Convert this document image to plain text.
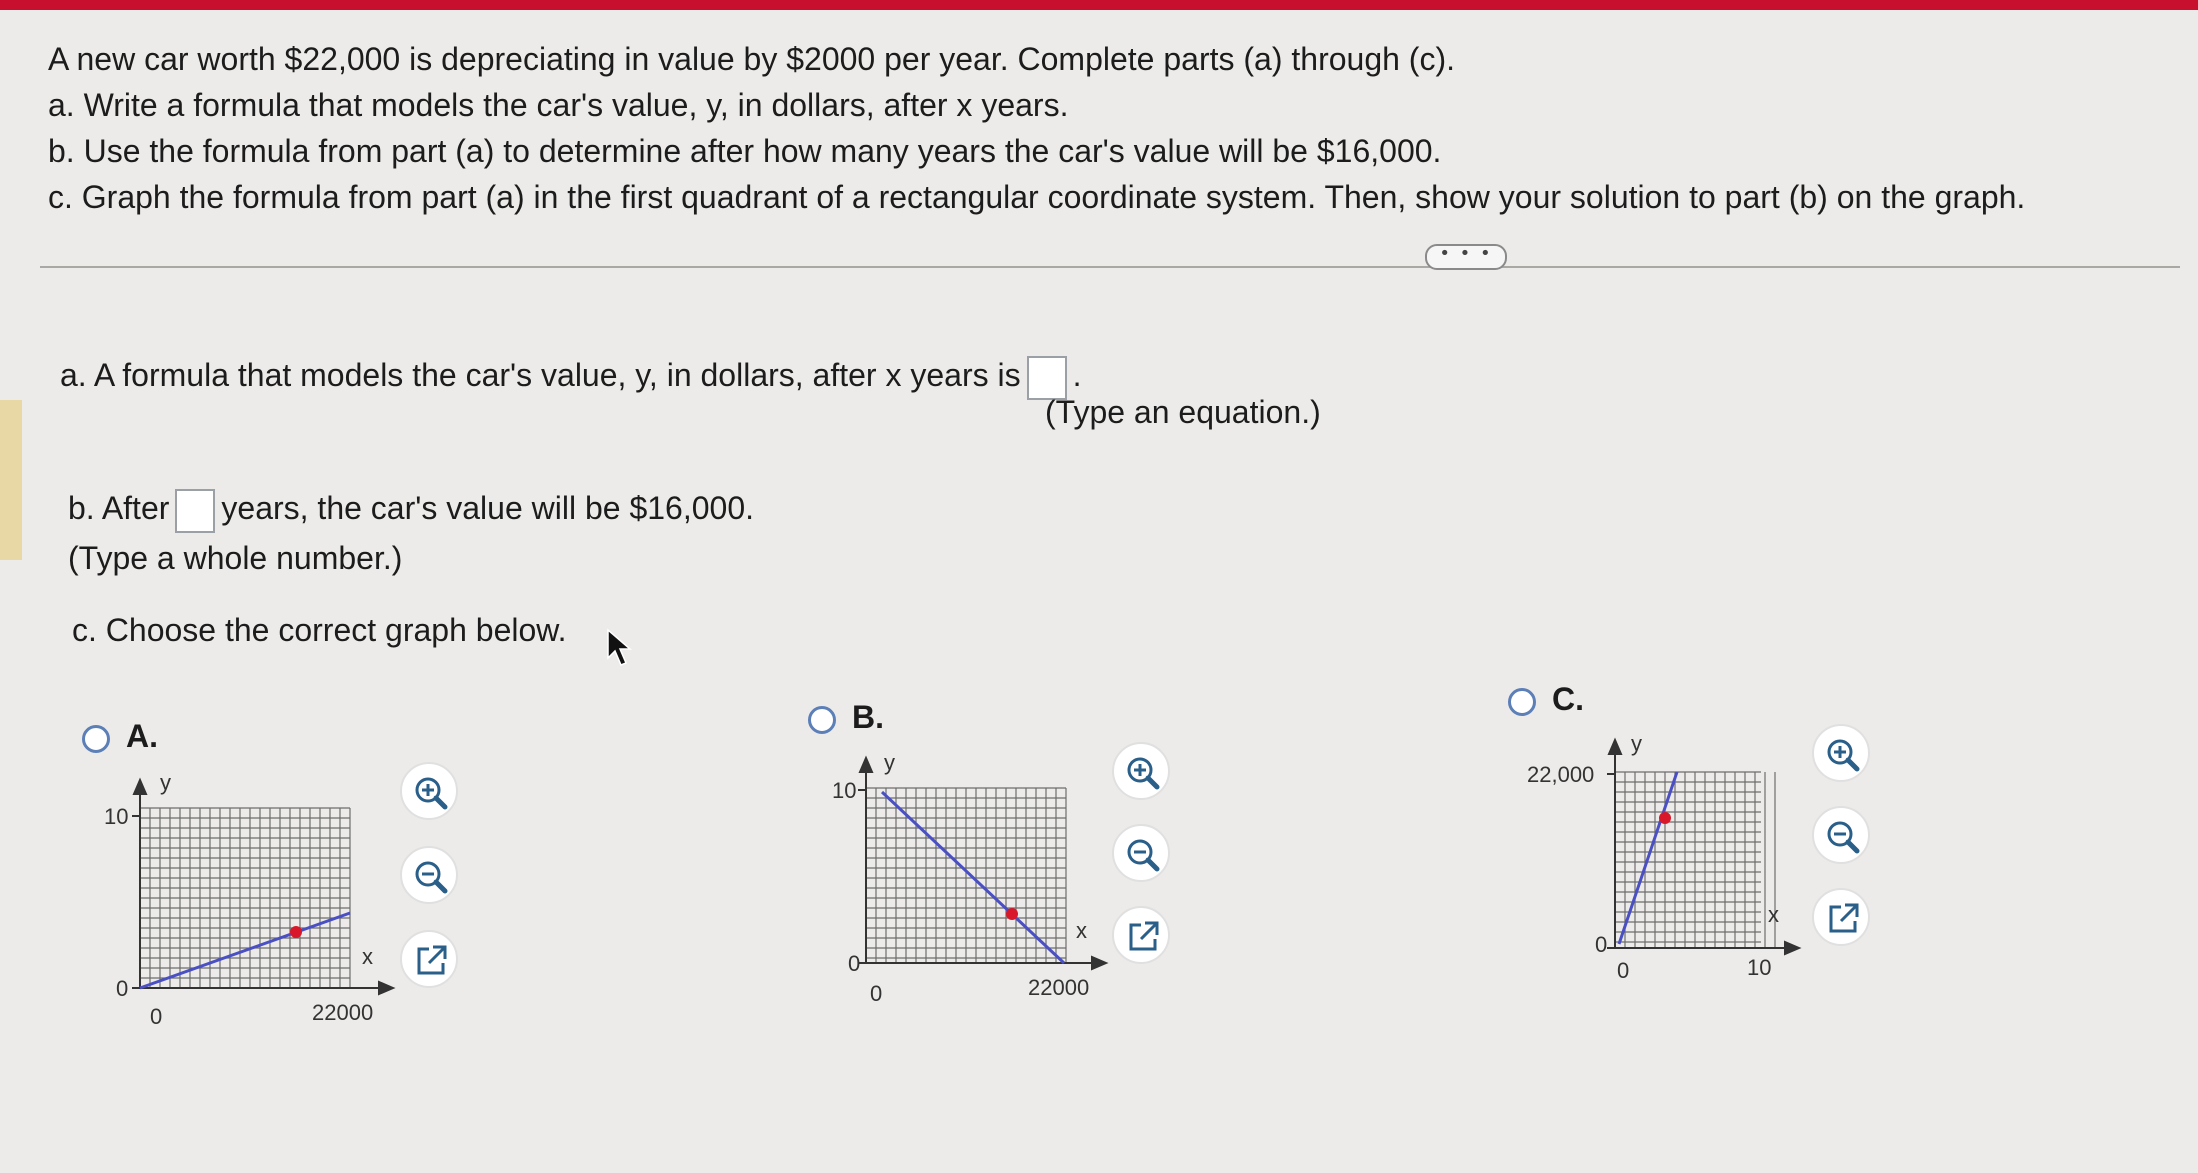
A new car worth $22,000 is depreciating in value by $2000 per year. Complete parts (a) through (c).
a. Write a formula that models the car's value, y, in dollars, after x years.
b. Use the formula from part (a) to determine after how many years the car's value will be $16,000.
c. Graph the formula from part (a) in the first quadrant of a rectangular coordinate system. Then, show your solution to part (b) on the graph.
• • •
a. A formula that models the car's value, y, in dollars, after x years is .
(Type an equation.)
b. After years, the car's value will be $16,000.
(Type a whole number.)
c. Choose the correct graph below.
A.
y
x
10
0
0	22000
B.
y
x
10
0
0	22000
C.
y
x
22,000
0
0	10
